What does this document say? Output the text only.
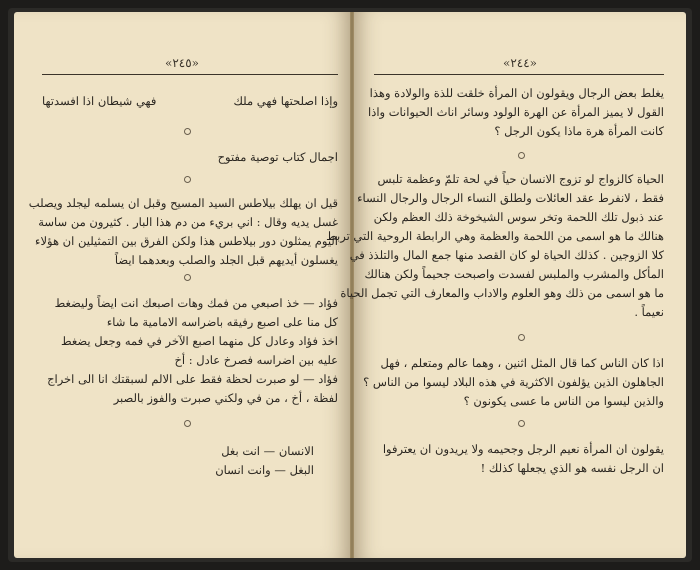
«٢٤٥»
وإذا اصلحتها فهي ملك
فهي شيطان اذا افسدتها
اجمال كتاب توصية مفتوح
قيل ان يهلك بيلاطس السيد المسيح وقبل ان يسلمه ليجلد ويصلب
غسل يديه وقال : اني بريء من دم هذا البار . كثيرون من ساسة
اليوم يمثلون دور بيلاطس هذا ولكن الفرق بين التمثيلين ان هؤلاء
يغسلون أيديهم قبل الجلد والصلب وبعدهما ايضاً
فؤاد — خذ اصبعي من فمك وهات اصبعك انت ايضاً وليضغط
كل منا على اصبع رفيقه باضراسه الامامية ما شاء
اخذ فؤاد وعادل كل منهما اصبع الآخر في فمه وجعل يضغط
عليه بين اضراسه فصرخ عادل : أخ
فؤاد — لو صبرت لحظة فقط على الالم لسبقتك انا الى اخراج
لفظة ، أخ ، من في ولكني صبرت والفوز بالصبر
الانسان — انت بغل
البغل — وانت انسان
«٢٤٤»
يغلط بعض الرجال ويقولون ان المرأة خلقت للذة والولادة وهذا
القول لا يميز المرأة عن الهرة الولود وسائر اناث الحيوانات واذا
كانت المرأة هرة ماذا يكون الرجل ؟
الحياة كالزواج لو تزوج الانسان حياً في لحة تلمّ وعظمة تلبس
فقط ، لانفرط عقد العائلات ولطلق النساء الرجال والرجال النساء
عند ذبول تلك اللحمة وتخر سوس الشيخوخة ذلك العظم ولكن
هنالك ما هو اسمى من اللحمة والعظمة وهي الرابطة الروحية التي تربط
كلا الزوجين . كذلك الحياة لو كان القصد منها جمع المال والتلذذ في
المأكل والمشرب والملبس لفسدت واصبحت جحيماً ولكن هنالك
ما هو اسمى من ذلك وهو العلوم والاداب والمعارف التي تجمل الحياة
نعيماً .
اذا كان الناس كما قال المثل اثنين ، وهما عالم ومتعلم ، فهل
الجاهلون الذين يؤلفون الاكثرية في هذه البلاد ليسوا من الناس ؟
والذين ليسوا من الناس ما عسى يكونون ؟
يقولون ان المرأة نعيم الرجل وجحيمه ولا يريدون ان يعترفوا
ان الرجل نفسه هو الذي يجعلها كذلك !
